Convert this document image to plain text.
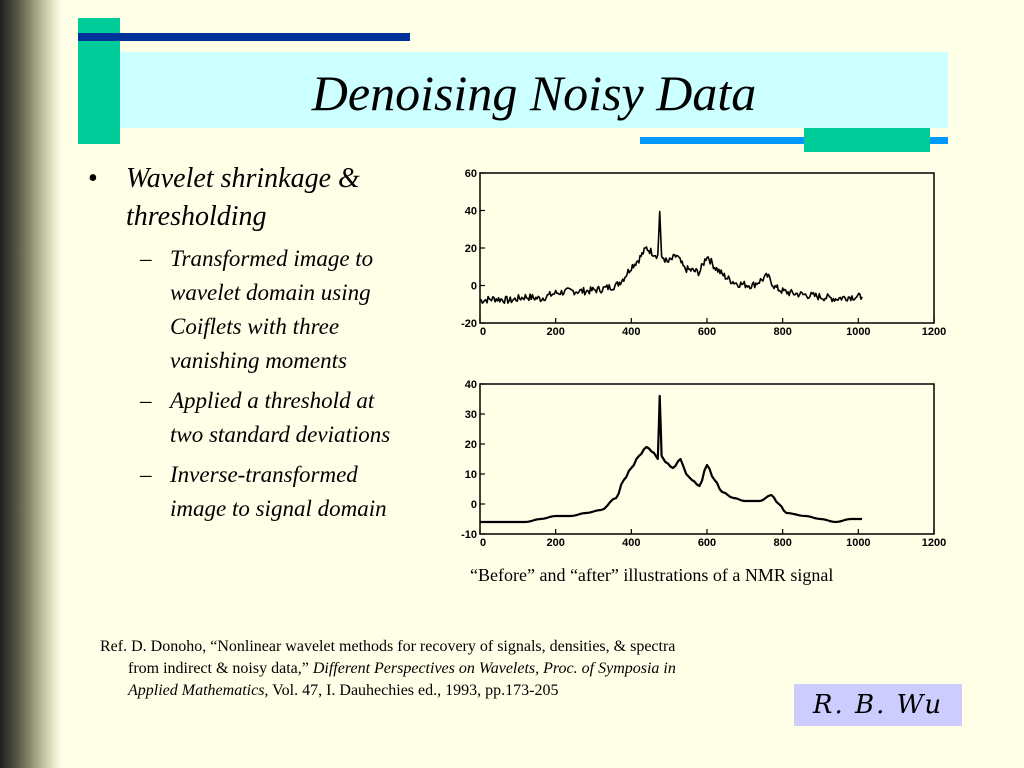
Denoising Noisy Data
• Wavelet shrinkage &
thresholding
– Transformed image to
wavelet domain using
Coiflets with three
vanishing moments
– Applied a threshold at
two standard deviations
– Inverse-transformed
image to signal domain
0	200	400	600	800	1000	1200
60
40
20
0
-20
0	200	400	600	800	1000	1200
40
30
20
10
0
-10
“Before” and “after” illustrations of a NMR signal
Ref. D. Donoho, “Nonlinear wavelet methods for recovery of signals, densities, & spectra
from indirect & noisy data,” Different Perspectives on Wavelets, Proc. of Symposia in
Applied Mathematics, Vol. 47, I. Dauhechies ed., 1993, pp.173-205	R. B. Wu
